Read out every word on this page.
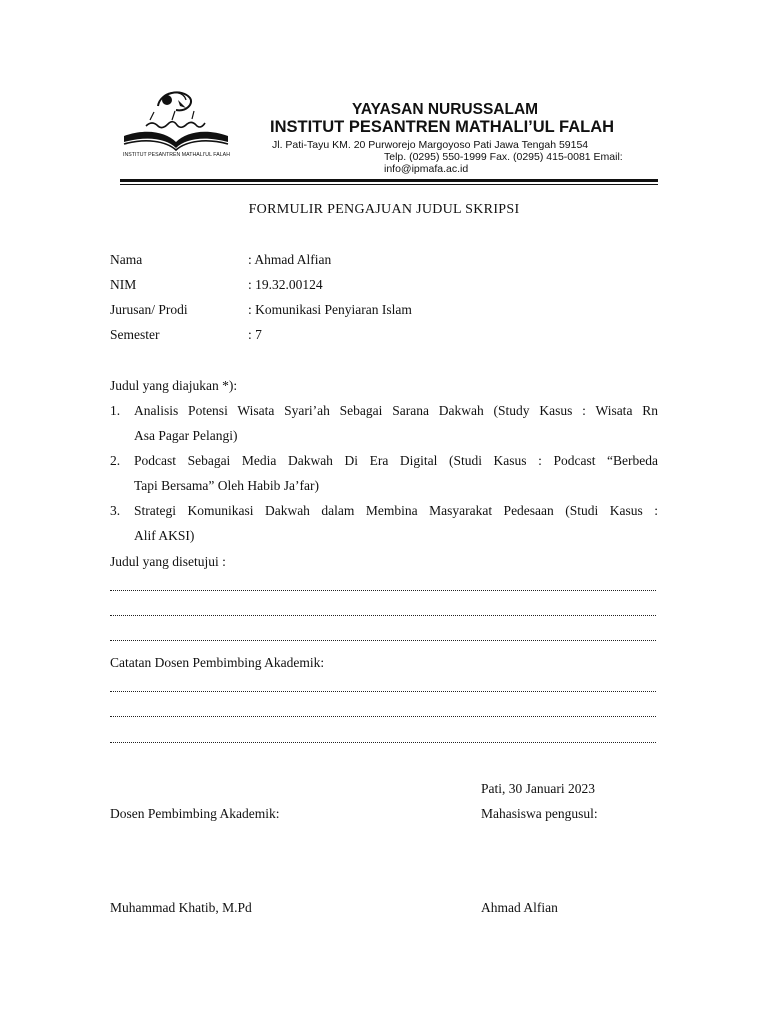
INSTITUT PESANTREN MATHALI'UL FALAH
YAYASAN NURUSSALAM
INSTITUT PESANTREN MATHALI’UL FALAH
Jl. Pati-Tayu KM. 20 Purworejo Margoyoso Pati Jawa Tengah 59154
Telp. (0295) 550-1999 Fax. (0295) 415-0081 Email:
info@ipmafa.ac.id
FORMULIR PENGAJUAN JUDUL SKRIPSI
Nama	: Ahmad Alfian
NIM	: 19.32.00124
Jurusan/ Prodi	: Komunikasi Penyiaran Islam
Semester	: 7
Judul yang diajukan *):
1. Analisis Potensi Wisata Syari’ah Sebagai Sarana Dakwah (Study Kasus : Wisata Rn
Asa Pagar Pelangi)
2. Podcast Sebagai Media Dakwah Di Era Digital (Studi Kasus : Podcast “Berbeda
Tapi Bersama” Oleh Habib Ja’far)
3. Strategi Komunikasi Dakwah dalam Membina Masyarakat Pedesaan (Studi Kasus :
Alif AKSI)
Judul yang disetujui :
Catatan Dosen Pembimbing Akademik:
Pati, 30 Januari 2023
Dosen Pembimbing Akademik:	Mahasiswa pengusul:
Muhammad Khatib, M.Pd	Ahmad Alfian
